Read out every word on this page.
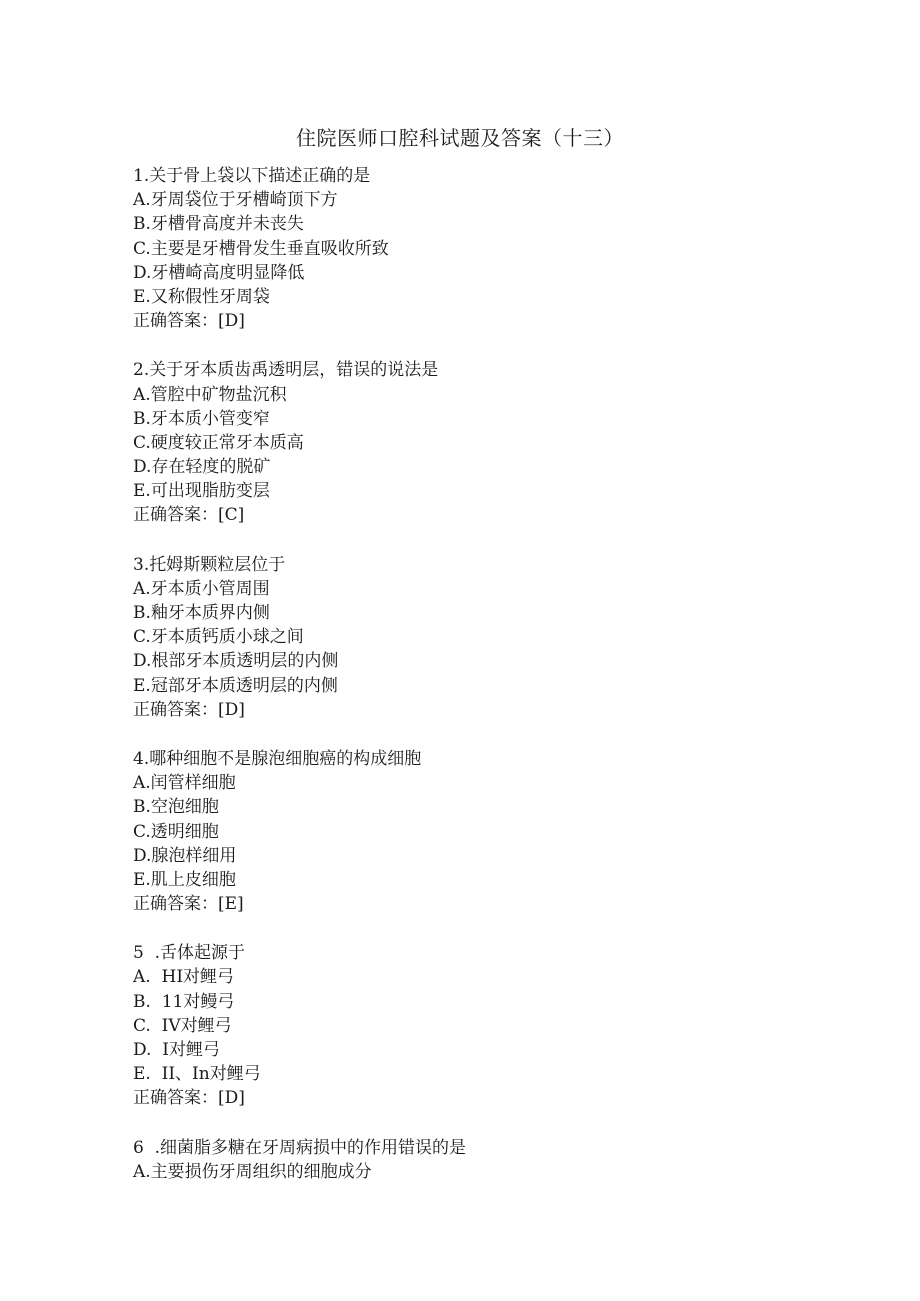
住院医师口腔科试题及答案（十三）

1.关于骨上袋以下描述正确的是

A.牙周袋位于牙槽崎顶下方

B.牙槽骨高度并未丧失

C.主要是牙槽骨发生垂直吸收所致

D.牙槽崎高度明显降低

E.又称假性牙周袋

正确答案：[D]

2.关于牙本质齿禹透明层，错误的说法是

A.管腔中矿物盐沉积

B.牙本质小管变窄

C.硬度较正常牙本质高

D.存在轻度的脱矿

E.可出现脂肪变层

正确答案：[C]

3.托姆斯颗粒层位于

A.牙本质小管周围

B.釉牙本质界内侧

C.牙本质钙质小球之间

D.根部牙本质透明层的内侧

E.冠部牙本质透明层的内侧

正确答案：[D]

4.哪种细胞不是腺泡细胞癌的构成细胞

A.闰管样细胞

B.空泡细胞

C.透明细胞

D.腺泡样细用

E.肌上皮细胞

正确答案：[E]

5  .舌体起源于

A.  HI对鲤弓

B.  11对鳗弓

C.  IV对鲤弓

D.  I对鲤弓

E.  II、In对鲤弓

正确答案：[D]

6  .细菌脂多糖在牙周病损中的作用错误的是

A.主要损伤牙周组织的细胞成分
